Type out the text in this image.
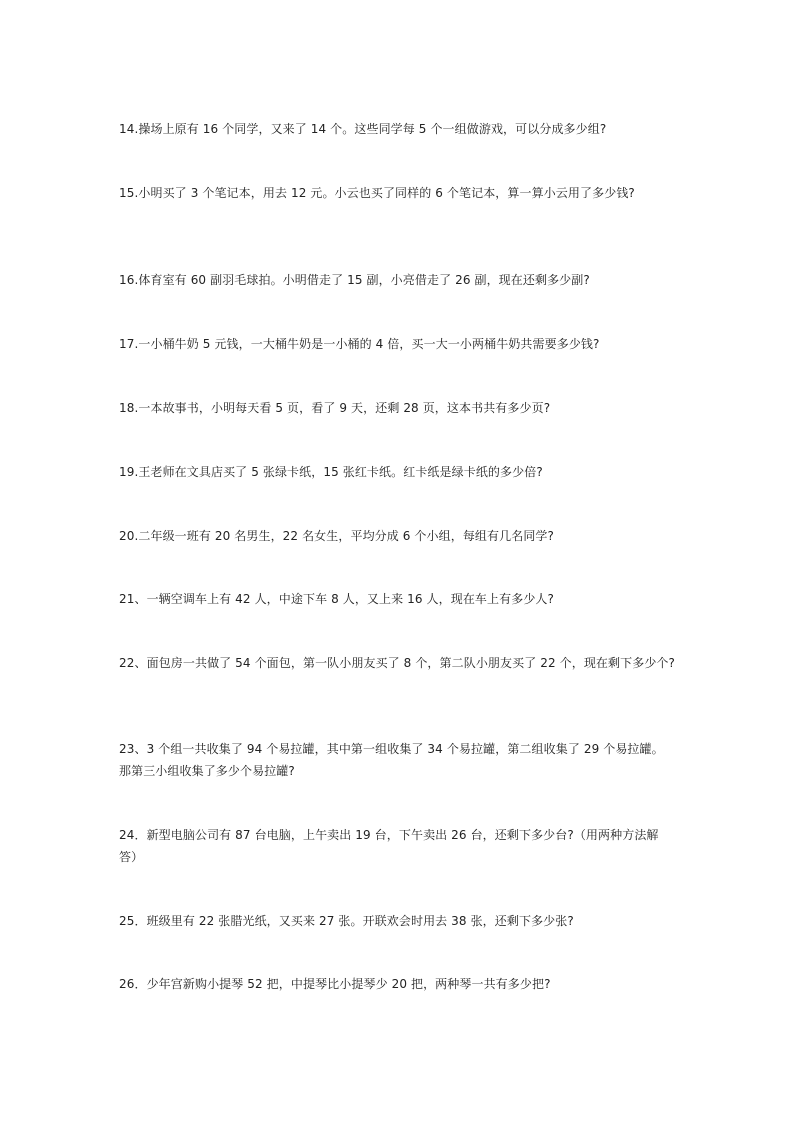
14.操场上原有 16 个同学，又来了 14 个。这些同学每 5 个一组做游戏，可以分成多少组?

15.小明买了 3 个笔记本，用去 12 元。小云也买了同样的 6 个笔记本，算一算小云用了多少钱?

16.体育室有 60 副羽毛球拍。小明借走了 15 副，小亮借走了 26 副，现在还剩多少副?

17.一小桶牛奶 5 元钱，一大桶牛奶是一小桶的 4 倍，买一大一小两桶牛奶共需要多少钱?

18.一本故事书，小明每天看 5 页，看了 9 天，还剩 28 页，这本书共有多少页?

19.王老师在文具店买了 5 张绿卡纸，15 张红卡纸。红卡纸是绿卡纸的多少倍?

20.二年级一班有 20 名男生，22 名女生，平均分成 6 个小组，每组有几名同学?

21、一辆空调车上有 42 人，中途下车 8 人，又上来 16 人，现在车上有多少人?

22、面包房一共做了 54 个面包，第一队小朋友买了 8 个，第二队小朋友买了 22 个，现在剩下多少个?

23、3 个组一共收集了 94 个易拉罐，其中第一组收集了 34 个易拉罐，第二组收集了 29 个易拉罐。那第三小组收集了多少个易拉罐?

24．新型电脑公司有 87 台电脑，上午卖出 19 台，下午卖出 26 台，还剩下多少台?（用两种方法解答）

25．班级里有 22 张腊光纸，又买来 27 张。开联欢会时用去 38 张，还剩下多少张?

26．少年宫新购小提琴 52 把，中提琴比小提琴少 20 把，两种琴一共有多少把?
